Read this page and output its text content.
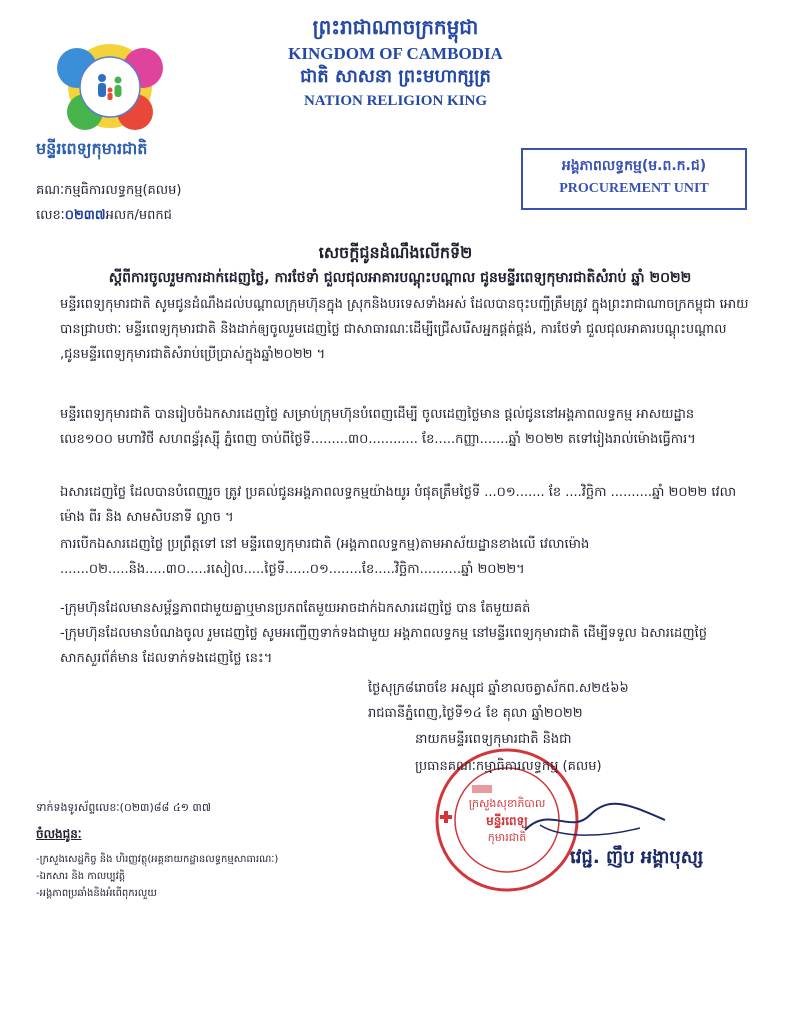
មន្ទីរពេទ្យកុមារជាតិ
ព្រះរាជាណាចក្រកម្ពុជា
KINGDOM OF CAMBODIA
ជាតិ សាសនា ព្រះមហាក្សត្រ
NATION RELIGION KING
អង្គភាពលទ្ធកម្ម(ម.ព.ក.ជ)
PROCUREMENT UNIT
គណៈកម្មធិការលទ្ធកម្ម(គលម)
លេខៈ០២៣៧អលក/មពកជ
សេចក្ដីជូនដំណឹងលើកទី២
ស្ដីពីការចូលរួមការដាក់ដេញថ្លៃ, ការថែទាំ ជួលជុលអាគារបណ្ដុះបណ្ដាល ជូនមន្ទីរពេទ្យកុមារជាតិសំរាប់ ឆ្នាំ ២០២២
មន្ទីរពេទ្យកុមារជាតិ សូមជូនដំណឹងដល់បណ្ដាលក្រុមហ៊ុនក្នុង ស្រុកនិងបរទេសទាំងអស់ ដែលបានចុះបញ្ជីត្រឹមត្រូវ ក្នុងព្រះរាជាណាចក្រកម្ពុជា អោយបានជ្រាបថាៈ មន្ទីរពេទ្យកុមារជាតិ និងដាក់ឲ្យចូលរួមដេញថ្លៃ ជាសាធារណៈដើម្បីជ្រើសរើសអ្នកផ្គត់ផ្គង់, ការថែទាំ ជួលជុលអាគារបណ្ដុះបណ្ដាល ,ជូនមន្ទីរពេទ្យកុមារជាតិសំរាប់ប្រើប្រាស់ក្នុងឆ្នាំ២០២២ ។
មន្ទីរពេទ្យកុមារជាតិ បានរៀបចំឯកសារដេញថ្លៃ សម្រាប់ក្រុមហ៊ុនបំពេញដើម្បី ចូលដេញថ្លៃមាន ផ្ដល់ជូននៅអង្គភាពលទ្ធកម្ម អាសយដ្ឋាន លេខ១០០ មហាវិថី សហពន្ធ័រុស្ស៊ី ភ្នំពេញ ចាប់ពីថ្ងៃទី.........៣០............ ខែ.....កញ្ញា.......ឆ្នាំ ២០២២ តទៅរៀងរាល់ម៉ោងធ្វើការ។
ឯសារដេញថ្លៃ ដែលបានបំពេញរួច ត្រូវ ប្រគល់ជូនអង្គភាពលទ្ធកម្មយ៉ាងយូរ បំផុតត្រឹមថ្ងៃទី ...០១....... ខែ ....វិច្ឆិកា ..........ឆ្នាំ ២០២២ វេលាម៉ោង ពីរ និង សាមសិបនាទី ល្ងាច ។
ការបើកឯសារដេញថ្លៃ ប្រព្រឹត្តទៅ នៅ មន្ទីរពេទ្យកុមារជាតិ (អង្គភាពលទ្ធកម្ម)តាមអាស័យដ្ឋានខាងលើ វេលាម៉ោង .......០២.....និង.....៣០.....រសៀល.....ថ្ងៃទី......០១........ខែ.....វិច្ឆិកា..........ឆ្នាំ ២០២២។
-ក្រុមហ៊ុនដែលមានសម្ព័ន្ធភាពជាមួយគ្នាឬមានប្រភពតែមួយអាចដាក់ឯកសារដេញថ្លៃ បាន តែមួយគត់
-ក្រុមហ៊ុនដែលមានបំណងចូល រួមដេញថ្លៃ សូមអញ្ជើញទាក់ទងជាមួយ អង្គភាពលទ្ធកម្ម នៅមន្ទីរពេទ្យកុមារជាតិ ដើម្បីទទួល ឯសារដេញថ្លៃ សាកសួរព័ត៌មាន ដែលទាក់ទងដេញថ្លៃ នេះ។
ថ្ងៃសុក្រ៨រោចខែ អស្សុជ ឆ្នាំខាលចត្វាស័កព.ស២៥៦៦
រាជធានីភ្នំពេញ,ថ្ងៃទី១៤ ខែ តុលា ឆ្នាំ២០២២
ក្រសួងសុខាភិបាល
មន្ទីរពេទ្យ
កុមារជាតិ
នាយកមន្ទីរពេទ្យកុមារជាតិ និងជា
ប្រធានគណៈកម្មាធិការលទ្ធកម្ម (គលម)
វេជ្ជ. ញឹប អង្គាបុស្ស
ទាក់ទងទូរស័ព្ទលេខៈ(០២៣)៨៨ ៤១ ៣៧
ចំលងជូនៈ
-ក្រសួងសេដ្ឋកិច្ច និង ហិរញ្ញវត្ថុ(អគ្គនាយកដ្ឋានលទ្ធកម្មសាធារណៈ)
-ឯកសារ និង កាលប្បវត្តិ
-អង្គភាពប្រឆាំងនិងអំពើពុករលួយ
